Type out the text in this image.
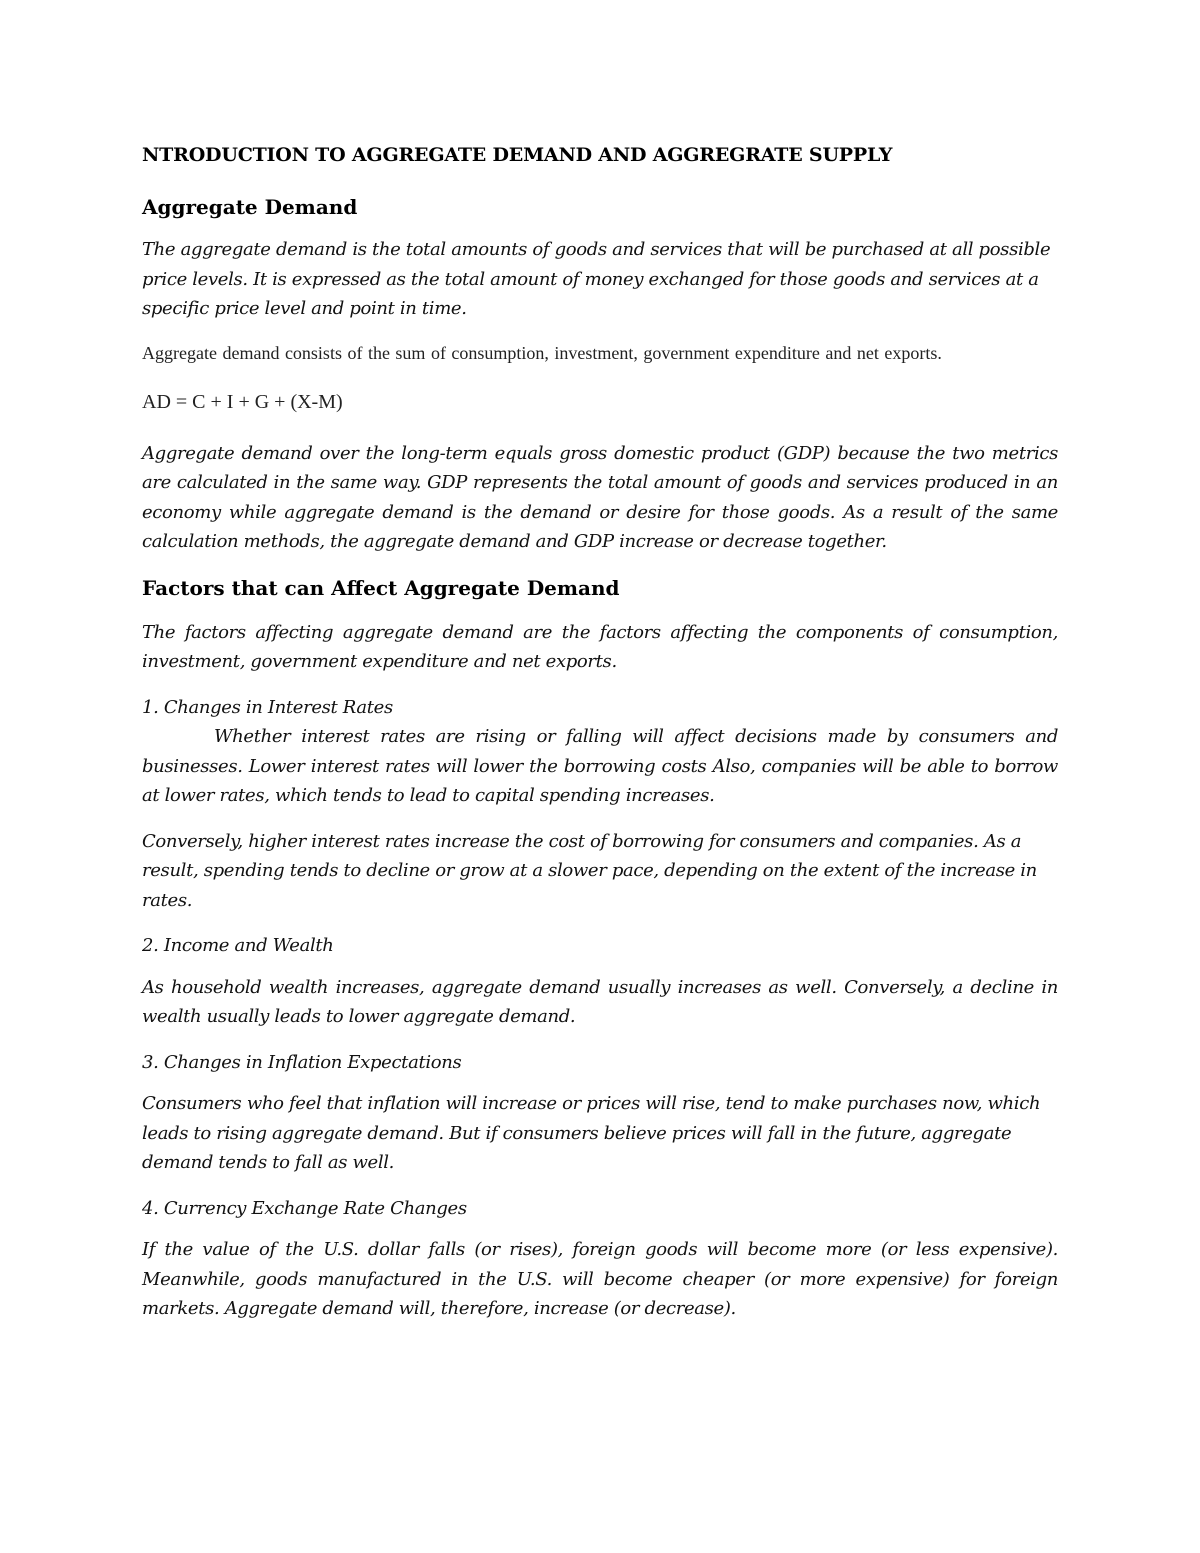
NTRODUCTION TO AGGREGATE DEMAND AND AGGREGRATE SUPPLY
Aggregate Demand

The aggregate demand is the total amounts of goods and services that will be purchased at all possible price levels. It is expressed as the total amount of money exchanged for those goods and services at a specific price level and point in time.

Aggregate demand consists of the sum of consumption, investment, government expenditure and net exports.

AD = C + I + G + (X-M)

Aggregate demand over the long-term equals gross domestic product (GDP) because the two metrics are calculated in the same way. GDP represents the total amount of goods and services produced in an economy while aggregate demand is the demand or desire for those goods. As a result of the same calculation methods, the aggregate demand and GDP increase or decrease together.

Factors that can Affect Aggregate Demand

The factors affecting aggregate demand are the factors affecting the components of consumption, investment, government expenditure and net exports.

1. Changes in Interest Rates
Whether interest rates are rising or falling will affect decisions made by consumers and businesses. Lower interest rates will lower the borrowing costs Also, companies will be able to borrow at lower rates, which tends to lead to capital spending increases.

Conversely, higher interest rates increase the cost of borrowing for consumers and companies. As a result, spending tends to decline or grow at a slower pace, depending on the extent of the increase in rates.

2. Income and Wealth

As household wealth increases, aggregate demand usually increases as well. Conversely, a decline in wealth usually leads to lower aggregate demand.

3. Changes in Inflation Expectations

Consumers who feel that inflation will increase or prices will rise, tend to make purchases now, which leads to rising aggregate demand. But if consumers believe prices will fall in the future, aggregate demand tends to fall as well.

4. Currency Exchange Rate Changes

If the value of the U.S. dollar falls (or rises), foreign goods will become more (or less expensive). Meanwhile, goods manufactured in the U.S. will become cheaper (or more expensive) for foreign markets. Aggregate demand will, therefore, increase (or decrease).
